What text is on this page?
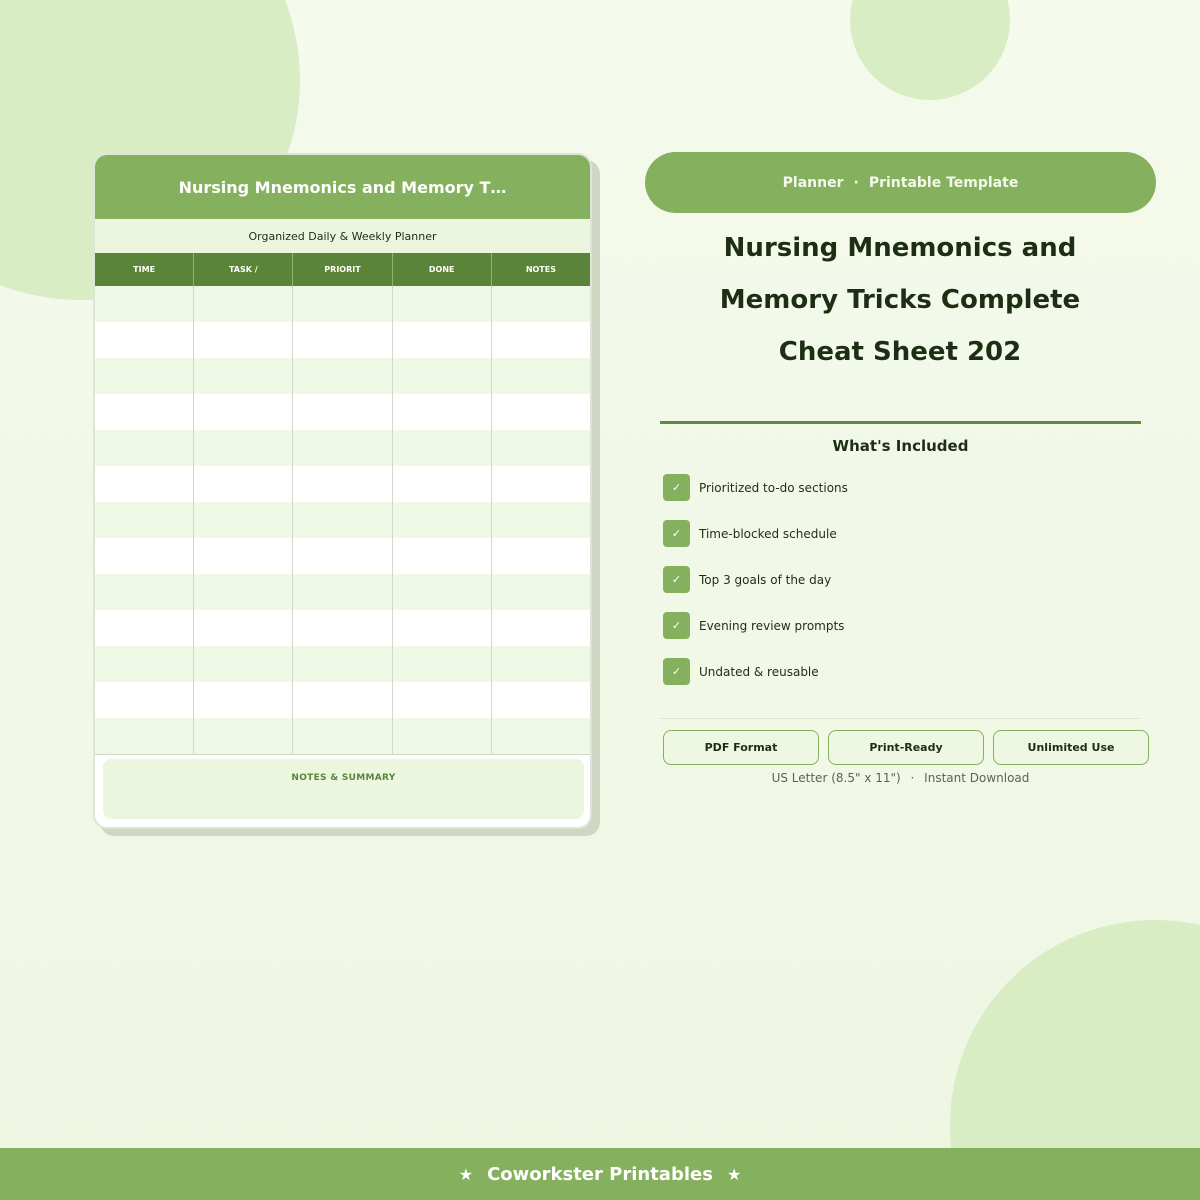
Nursing Mnemonics and Memory T…
Organized Daily & Weekly Planner
TIME	TASK /	PRIORIT	DONE	NOTES
NOTES & SUMMARY
Planner · Printable Template
Nursing Mnemonics and
Memory Tricks Complete
Cheat Sheet 202
What's Included
✓	Prioritized to-do sections
✓	Time-blocked schedule
✓	Top 3 goals of the day
✓	Evening review prompts
✓	Undated & reusable
PDF Format	Print-Ready	Unlimited Use
US Letter (8.5" x 11") · Instant Download
★ Coworkster Printables ★
